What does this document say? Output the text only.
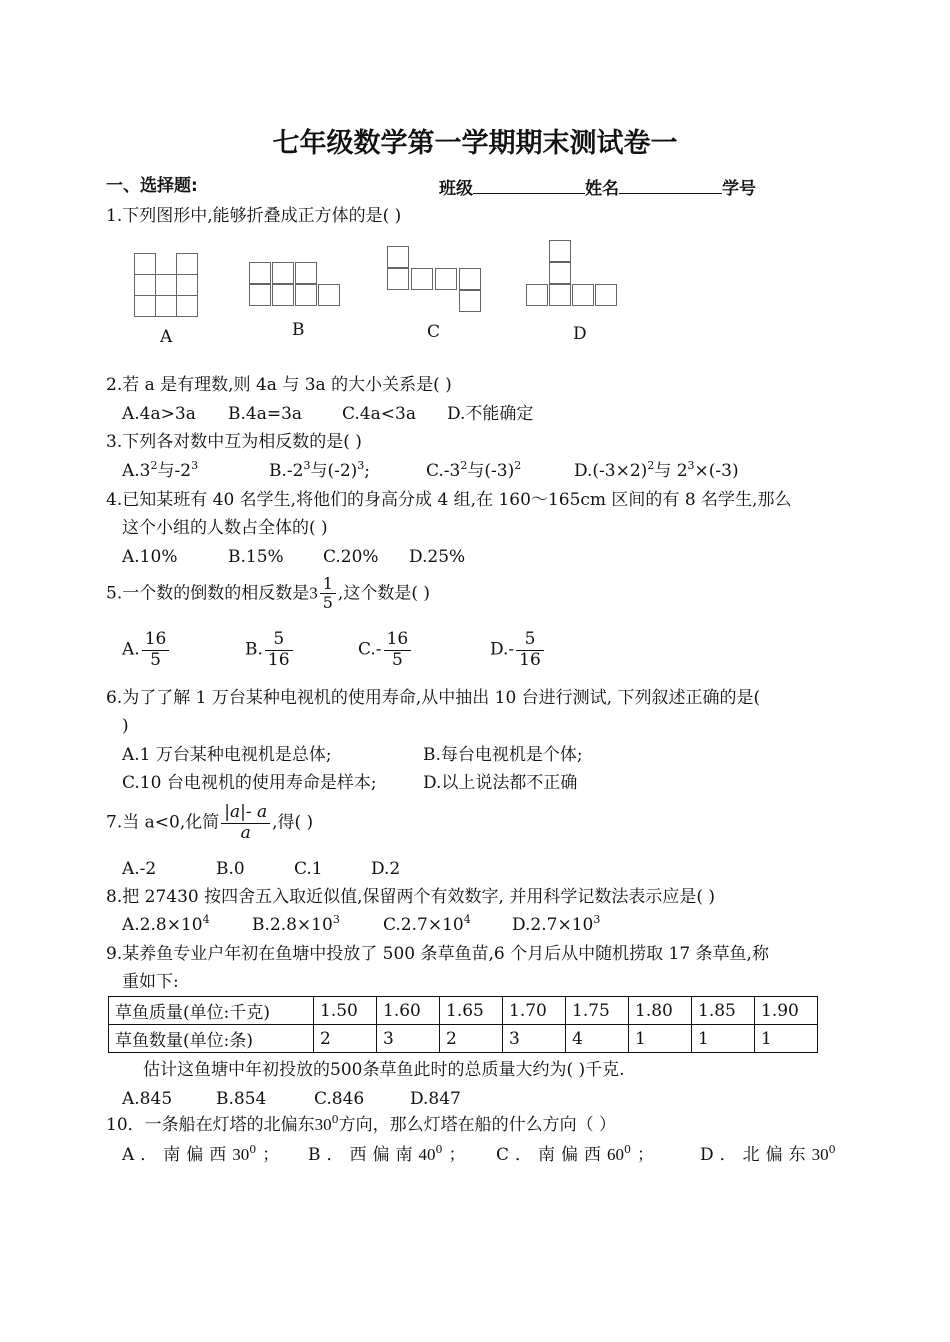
七年级数学第一学期期末测试卷一
一、选择题:	班级	姓名	学号
1.下列图形中,能够折叠成正方体的是( )
A	B	C	D
2.若 a 是有理数,则 4a 与 3a 的大小关系是( )
A.4a>3a B.4a=3a C.4a<3a D.不能确定
3.下列各对数中互为相反数的是( )
$A.3^2$与$-2^3$	$B.-2^3$与$(-2)^3$;	$C.-3^2$与$(-3)^2$	$D.(-3\times 2)^2$与 $2^3\times(-3)$
4.已知某班有 40 名学生,将他们的身高分成 4 组,在 160～165cm 区间的有 8 名学生,那么
这个小组的人数占全体的( )
A.10%	B.15% C.20% D.25%
5.一个数的倒数的相反数是$3 \frac{1}{5}$ ,这个数是( )
A. $\frac{16}{5}$	B. $\frac{5}{16}$	$C.- \frac{16}{5}$	$D.- \frac{5}{16}$
6.为了了解 1 万台某种电视机的使用寿命,从中抽出 10 台进行测试, 下列叙述正确的是(
)
A.1 万台某种电视机是总体;	B.每台电视机是个体;
C.10 台电视机的使用寿命是样本;	D.以上说法都不正确
7.当 a<0,化简 $\frac{|a|- a}{a}$ ,得( )
A.-2	B.0	C.1	D.2
8.把 27430 按四舍五入取近似值,保留两个有效数字, 并用科学记数法表示应是( )
$A.2.8\times 10^4$ $B.2.8\times 10^3$	$C.2.7\times 10^4$ $D.2.7\times 10^3$
9.某养鱼专业户年初在鱼塘中投放了 500 条草鱼苗,6 个月后从中随机捞取 17 条草鱼,称
重如下:
草鱼质量(单位:千克)	1.50	1.60	1.65	1.70	1.75	1.80	1.85	1.90
草鱼数量(单位:条)	2	3	2	3	4	1	1	1
估计这鱼塘中年初投放的500条草鱼此时的总质量大约为( )千克.
A.845	B.854	C.846	D.847
10．一条船在灯塔的北偏东$30^0$方向，那么灯塔在船的什么方向（ ）
A．南偏西$30^0$； B．西偏南$40^0$； C．南偏西$60^0$； D．北偏东$30^0$
